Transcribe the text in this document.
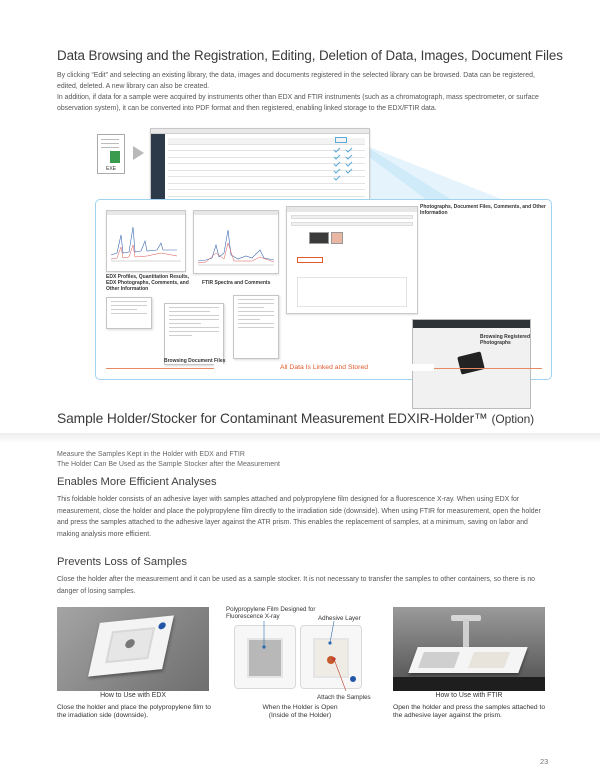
Data Browsing and the Registration, Editing, Deletion of Data, Images, Document Files

By clicking “Edit” and selecting an existing library, the data, images and documents registered in the selected library can be browsed. Data can be registered, edited, deleted. A new library can also be created.

In addition, if data for a sample were acquired by instruments other than EDX and FTIR instruments (such as a chromatograph, mass spectrometer, or surface observation system), it can be converted into PDF format and then registered, enabling linked storage to the EDX/FTIR data.

EXE
Photographs, Document Files, Comments, and Other Information
EDX Profiles, Quantitation Results, EDX Photographs, Comments, and Other Information
FTIR Spectra and Comments
Browsing Document Files
Browsing Registered Photographs
All Data Is Linked and Stored
Sample Holder/Stocker for Contaminant Measurement EDXIR-Holder™ (Option)
Measure the Samples Kept in the Holder with EDX and FTIR
The Holder Can Be Used as the Sample Stocker after the Measurement
Enables More Efficient Analyses
This foldable holder consists of an adhesive layer with samples attached and polypropylene film designed for a fluorescence X-ray. When using EDX for measurement, close the holder and place the polypropylene film directly to the irradiation side (downside). When using FTIR for measurement, open the holder and press the samples attached to the adhesive layer against the ATR prism. This enables the replacement of samples, at a minimum, saving on labor and making analysis more efficient.
Prevents Loss of Samples
Close the holder after the measurement and it can be used as a sample stocker. It is not necessary to transfer the samples to other containers, so there is no danger of losing samples.
Polypropylene Film Designed for Fluorescence X-ray	Adhesive Layer
How to Use with EDX
Close the holder and place the polypropylene film to the irradiation side (downside).
Attach the Samples
When the Holder is Open
(Inside of the Holder)
How to Use with FTIR
Open the holder and press the samples attached to the adhesive layer against the prism.
23
